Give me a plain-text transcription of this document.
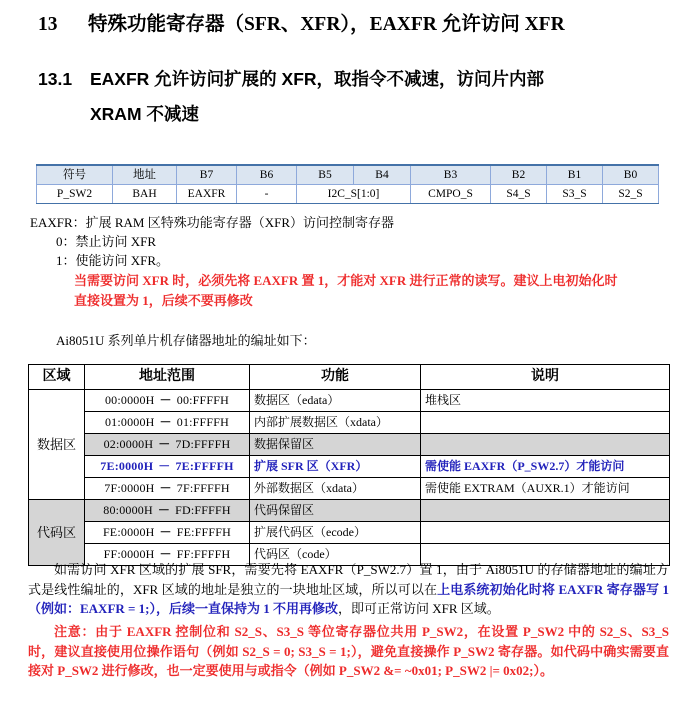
13 特殊功能寄存器（SFR、XFR），EAXFR 允许访问 XFR
13.1 EAXFR 允许访问扩展的 XFR，取指令不减速，访问片内部
XRAM 不减速
符号	地址	B7	B6	B5	B4	B3	B2	B1	B0
P_SW2	BAH	EAXFR	-	I2C_S[1:0]		CMPO_S	S4_S	S3_S	S2_S
EAXFR：扩展 RAM 区特殊功能寄存器（XFR）访问控制寄存器
0：禁止访问 XFR
1：使能访问 XFR。
当需要访问 XFR 时，必须先将 EAXFR 置 1，才能对 XFR 进行正常的读写。建议上电初始化时
直接设置为 1，后续不要再修改
Ai8051U 系列单片机存储器地址的编址如下：
区域	地址范围	功能	说明
数据区	00:0000H － 00:FFFFH	数据区（edata）	堆栈区
	01:0000H － 01:FFFFH	内部扩展数据区（xdata）	
	02:0000H － 7D:FFFFH	数据保留区	
	7E:0000H － 7E:FFFFH	扩展 SFR 区（XFR）	需使能 EAXFR（P_SW2.7）才能访问
	7F:0000H － 7F:FFFFH	外部数据区（xdata）	需使能 EXTRAM（AUXR.1）才能访问
代码区	80:0000H － FD:FFFFH	代码保留区	
	FE:0000H － FE:FFFFH	扩展代码区（ecode）	
	FF:0000H － FF:FFFFH	代码区（code）	
如需访问 XFR 区域的扩展 SFR，需要先将 EAXFR（P_SW2.7）置 1，由于 Ai8051U 的存储器地址的编址方式是线性编址的，XFR 区域的地址是独立的一块地址区域，所以可以在上电系统初始化时将 EAXFR 寄存器写 1（例如：EAXFR = 1;），后续一直保持为 1 不用再修改，即可正常访问 XFR 区域。
注意：由于 EAXFR 控制位和 S2_S、S3_S 等位寄存器位共用 P_SW2，在设置 P_SW2 中的 S2_S、S3_S 时，建议直接使用位操作语句（例如 S2_S = 0; S3_S = 1;），避免直接操作 P_SW2 寄存器。如代码中确实需要直接对 P_SW2 进行修改，也一定要使用与或指令（例如 P_SW2 &= ~0x01; P_SW2 |= 0x02;）。
